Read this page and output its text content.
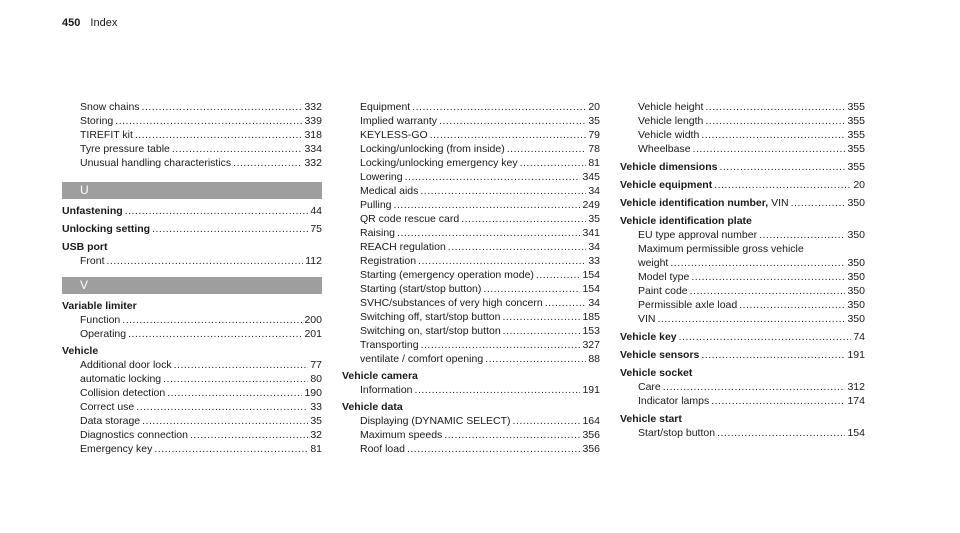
450 Index
Snow chains .....	332
Storing .....	339
TIREFIT kit .....	318
Tyre pressure table .....	334
Unusual handling characteristics .....	332
U
Unfastening .....	44
Unlocking setting .....	75
USB port
Front .....	112
V
Variable limiter
Function .....	200
Operating .....	201
Vehicle
Additional door lock .....	77
automatic locking .....	80
Collision detection .....	190
Correct use .....	33
Data storage .....	35
Diagnostics connection .....	32
Emergency key .....	81
Equipment .....	20
Implied warranty .....	35
KEYLESS-GO .....	79
Locking/unlocking (from inside) .....	78
Locking/unlocking emergency key .....	81
Lowering .....	345
Medical aids .....	34
Pulling .....	249
QR code rescue card .....	35
Raising .....	341
REACH regulation .....	34
Registration .....	33
Starting (emergency operation mode) .....	154
Starting (start/stop button) .....	154
SVHC/substances of very high concern .....	34
Switching off, start/stop button .....	185
Switching on, start/stop button .....	153
Transporting .....	327
ventilate / comfort opening .....	88
Vehicle camera
Information .....	191
Vehicle data
Displaying (DYNAMIC SELECT) .....	164
Maximum speeds .....	356
Roof load .....	356
Vehicle height .....	355
Vehicle length .....	355
Vehicle width .....	355
Wheelbase .....	355
Vehicle dimensions .....	355
Vehicle equipment .....	20
Vehicle identification number, VIN .....	350
Vehicle identification plate
EU type approval number .....	350
Maximum permissible gross vehicle
weight .....	350
Model type .....	350
Paint code .....	350
Permissible axle load .....	350
VIN .....	350
Vehicle key .....	74
Vehicle sensors .....	191
Vehicle socket
Care .....	312
Indicator lamps .....	174
Vehicle start
Start/stop button .....	154
